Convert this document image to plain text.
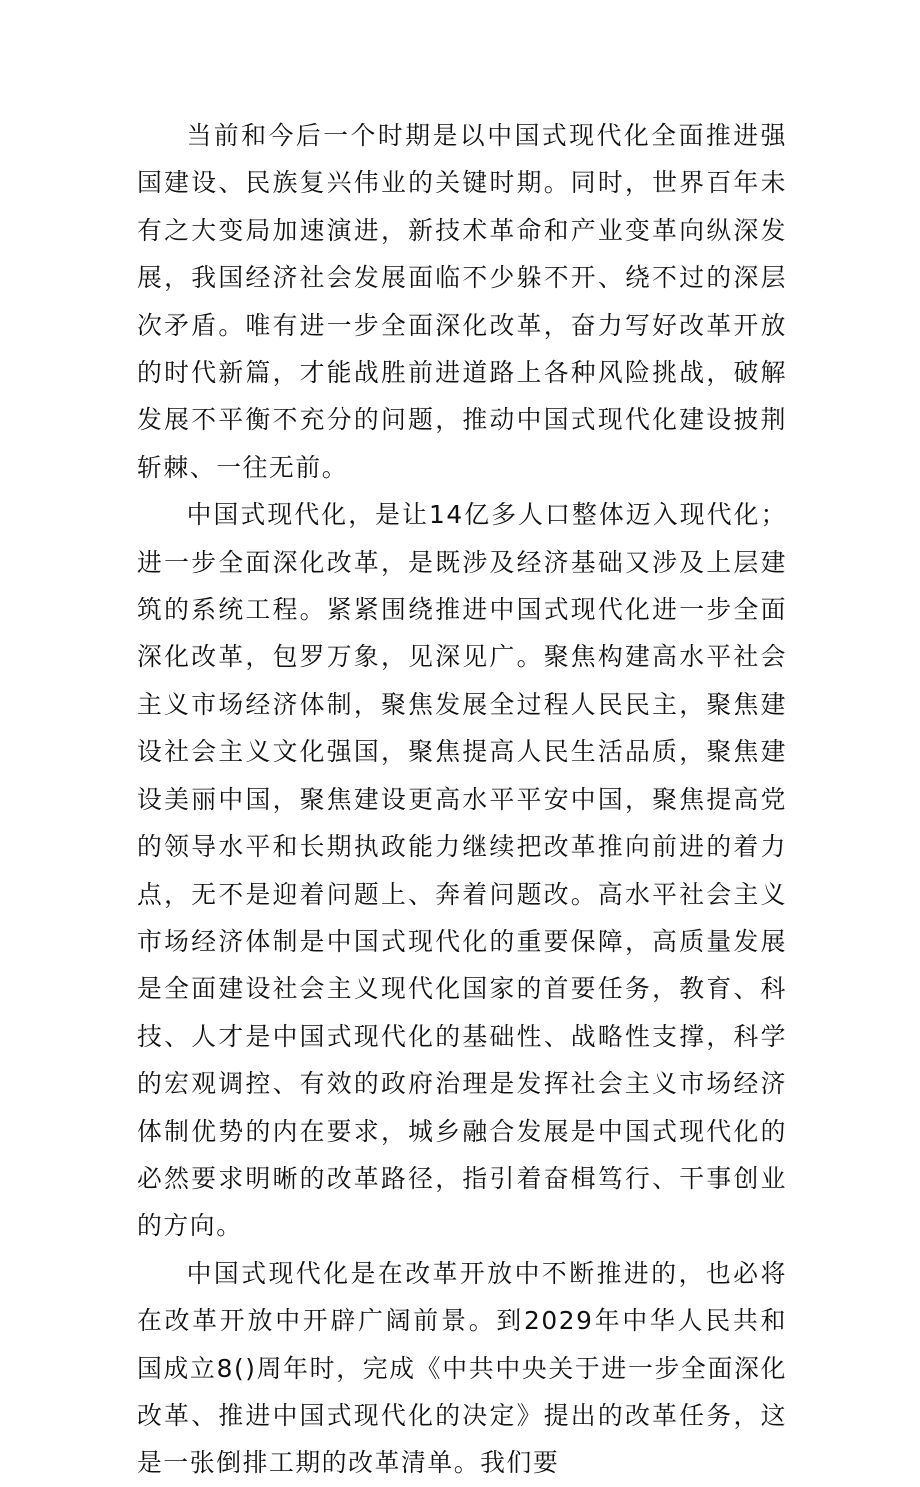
当前和今后一个时期是以中国式现代化全面推进强国建设、民族复兴伟业的关键时期。同时，世界百年未有之大变局加速演进，新技术革命和产业变革向纵深发展，我国经济社会发展面临不少躲不开、绕不过的深层次矛盾。唯有进一步全面深化改革，奋力写好改革开放的时代新篇，才能战胜前进道路上各种风险挑战，破解发展不平衡不充分的问题，推动中国式现代化建设披荆斩棘、一往无前。

中国式现代化，是让14亿多人口整体迈入现代化；进一步全面深化改革，是既涉及经济基础又涉及上层建筑的系统工程。紧紧围绕推进中国式现代化进一步全面深化改革，包罗万象，见深见广。聚焦构建高水平社会主义市场经济体制，聚焦发展全过程人民民主，聚焦建设社会主义文化强国，聚焦提高人民生活品质，聚焦建设美丽中国，聚焦建设更高水平平安中国，聚焦提高党的领导水平和长期执政能力继续把改革推向前进的着力点，无不是迎着问题上、奔着问题改。高水平社会主义市场经济体制是中国式现代化的重要保障，高质量发展是全面建设社会主义现代化国家的首要任务，教育、科技、人才是中国式现代化的基础性、战略性支撑，科学的宏观调控、有效的政府治理是发挥社会主义市场经济体制优势的内在要求，城乡融合发展是中国式现代化的必然要求明晰的改革路径，指引着奋楫笃行、干事创业的方向。

中国式现代化是在改革开放中不断推进的，也必将在改革开放中开辟广阔前景。到2029年中华人民共和国成立8()周年时，完成《中共中央关于进一步全面深化改革、推进中国式现代化的决定》提出的改革任务，这是一张倒排工期的改革清单。我们要
